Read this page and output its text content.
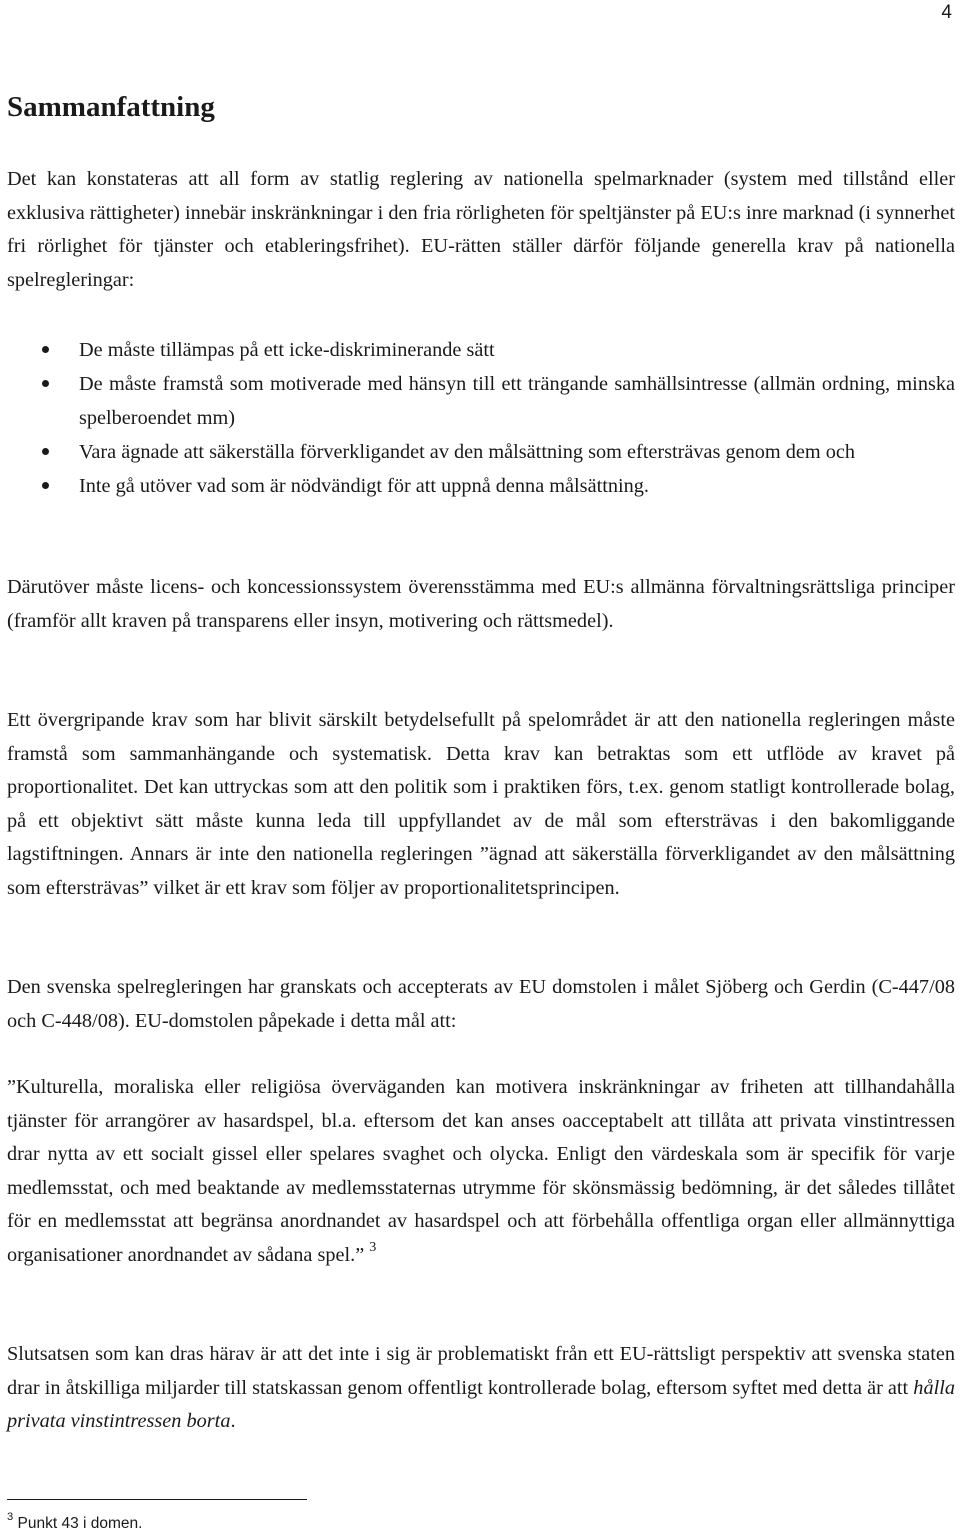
4
Sammanfattning

Det kan konstateras att all form av statlig reglering av nationella spelmarknader (system med tillstånd eller exklusiva rättigheter) innebär inskränkningar i den fria rörligheten för speltjänster på EU:s inre marknad (i synnerhet fri rörlighet för tjänster och etableringsfrihet). EU-rätten ställer därför följande generella krav på nationella spelregleringar:

De måste tillämpas på ett icke-diskriminerande sätt
De måste framstå som motiverade med hänsyn till ett trängande samhällsintresse (allmän ordning, minska spelberoendet mm)
Vara ägnade att säkerställa förverkligandet av den målsättning som eftersträvas genom dem och
Inte gå utöver vad som är nödvändigt för att uppnå denna målsättning.

Därutöver måste licens- och koncessionssystem överensstämma med EU:s allmänna förvaltningsrättsliga principer (framför allt kraven på transparens eller insyn, motivering och rättsmedel).

Ett övergripande krav som har blivit särskilt betydelsefullt på spelområdet är att den nationella regleringen måste framstå som sammanhängande och systematisk. Detta krav kan betraktas som ett utflöde av kravet på proportionalitet. Det kan uttryckas som att den politik som i praktiken förs, t.ex. genom statligt kontrollerade bolag, på ett objektivt sätt måste kunna leda till uppfyllandet av de mål som eftersträvas i den bakomliggande lagstiftningen. Annars är inte den nationella regleringen ”ägnad att säkerställa förverkligandet av den målsättning som eftersträvas” vilket är ett krav som följer av proportionalitetsprincipen.

Den svenska spelregleringen har granskats och accepterats av EU domstolen i målet Sjöberg och Gerdin (C-447/08 och C-448/08). EU-domstolen påpekade i detta mål att:

”Kulturella, moraliska eller religiösa överväganden kan motivera inskränkningar av friheten att tillhandahålla tjänster för arrangörer av hasardspel, bl.a. eftersom det kan anses oacceptabelt att tillåta att privata vinstintressen drar nytta av ett socialt gissel eller spelares svaghet och olycka. Enligt den värdeskala som är specifik för varje medlemsstat, och med beaktande av medlemsstaternas utrymme för skönsmässig bedömning, är det således tillåtet för en medlemsstat att begränsa anordnandet av hasardspel och att förbehålla offentliga organ eller allmännyttiga organisationer anordnandet av sådana spel.” $^3$

Slutsatsen som kan dras härav är att det inte i sig är problematiskt från ett EU-rättsligt perspektiv att svenska staten drar in åtskilliga miljarder till statskassan genom offentligt kontrollerade bolag, eftersom syftet med detta är att hålla privata vinstintressen borta.

$^3$ Punkt 43 i domen.
